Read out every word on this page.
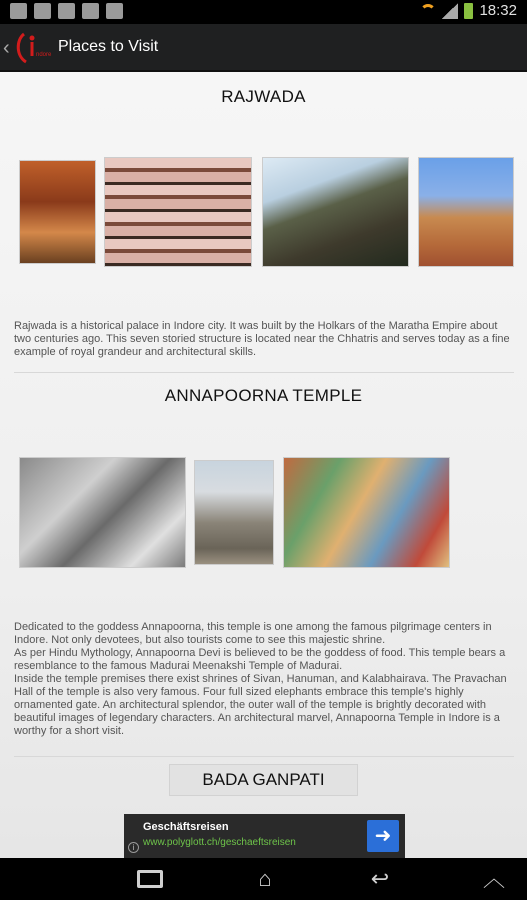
18:32
‹	ndore Places to Visit
RAJWADA
Rajwada is a historical palace in Indore city. It was built by the Holkars of the Maratha Empire about two centuries ago. This seven storied structure is located near the Chhatris and serves today as a fine example of royal grandeur and architectural skills.
ANNAPOORNA TEMPLE
Dedicated to the goddess Annapoorna, this temple is one among the famous pilgrimage centers in Indore. Not only devotees, but also tourists come to see this majestic shrine.
As per Hindu Mythology, Annapoorna Devi is believed to be the goddess of food. This temple bears a resemblance to the famous Madurai Meenakshi Temple of Madurai.
Inside the temple premises there exist shrines of Sivan, Hanuman, and Kalabhairava. The Pravachan Hall of the temple is also very famous. Four full sized elephants embrace this temple's highly ornamented gate. An architectural splendor, the outer wall of the temple is brightly decorated with beautiful images of legendary characters. An architectural marvel, Annapoorna Temple in Indore is a worthy for a short visit.
BADA GANPATI
i
Geschäftsreisen
www.polyglott.ch/geschaeftsreisen	➜
⌂	↩	︿
